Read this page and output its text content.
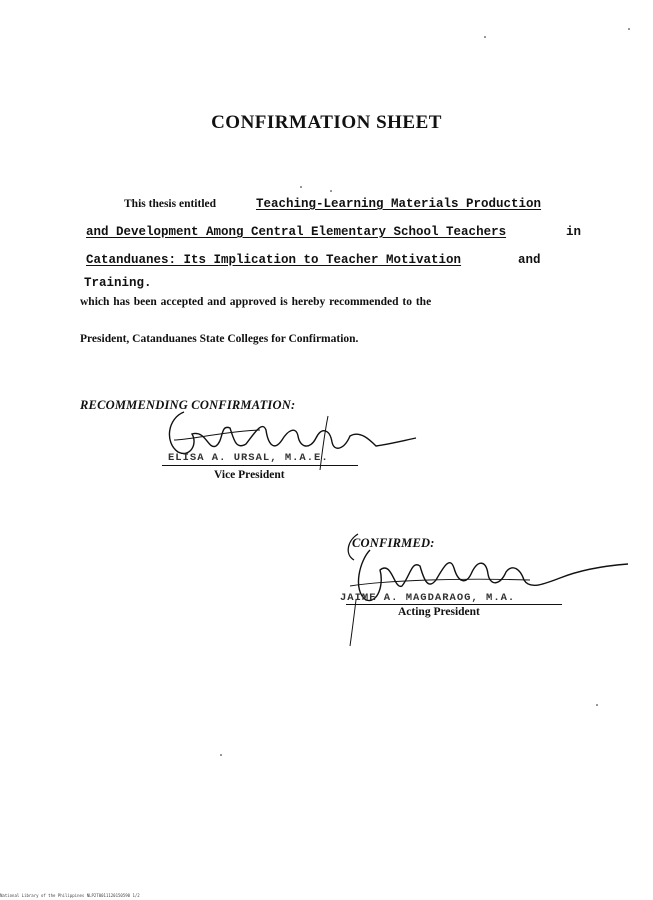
CONFIRMATION SHEET
This thesis entitled	Teaching-Learning Materials Production
and Development Among Central Elementary School Teachers	in
Catanduanes: Its Implication to Teacher Motivation	and
Training.
which has been accepted and approved is hereby recommended to the
President, Catanduanes State Colleges for Confirmation.
RECOMMENDING CONFIRMATION:
ELISA A. URSAL, M.A.E.
Vice President
CONFIRMED:
JAIME A. MAGDARAOG, M.A.
Acting President
National Library of the Philippines NLP2T0011120150590 1/2
